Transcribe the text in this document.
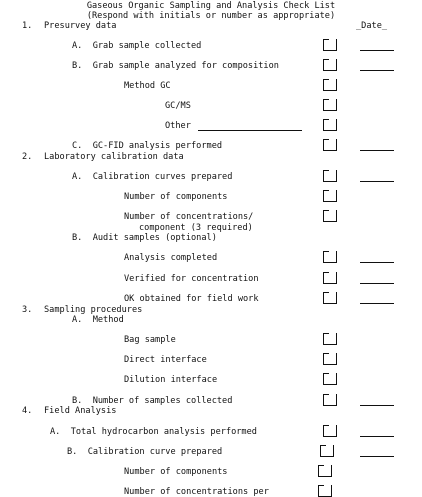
Gaseous Organic Sampling and Analysis Check List
(Respond with initials or number as appropriate)
_Date_
1. Presurvey data
A.  Grab sample collected
B.  Grab sample analyzed for composition
Method GC
GC/MS
Other
C.  GC-FID analysis performed
2. Laboratory calibration data
A.  Calibration curves prepared
Number of components
Number of concentrations/
component (3 required)
B.  Audit samples (optional)
Analysis completed
Verified for concentration
OK obtained for field work
3. Sampling procedures
A.  Method
Bag sample
Direct interface
Dilution interface
B.  Number of samples collected
4. Field Analysis
A.  Total hydrocarbon analysis performed
B.  Calibration curve prepared
Number of components
Number of concentrations per
